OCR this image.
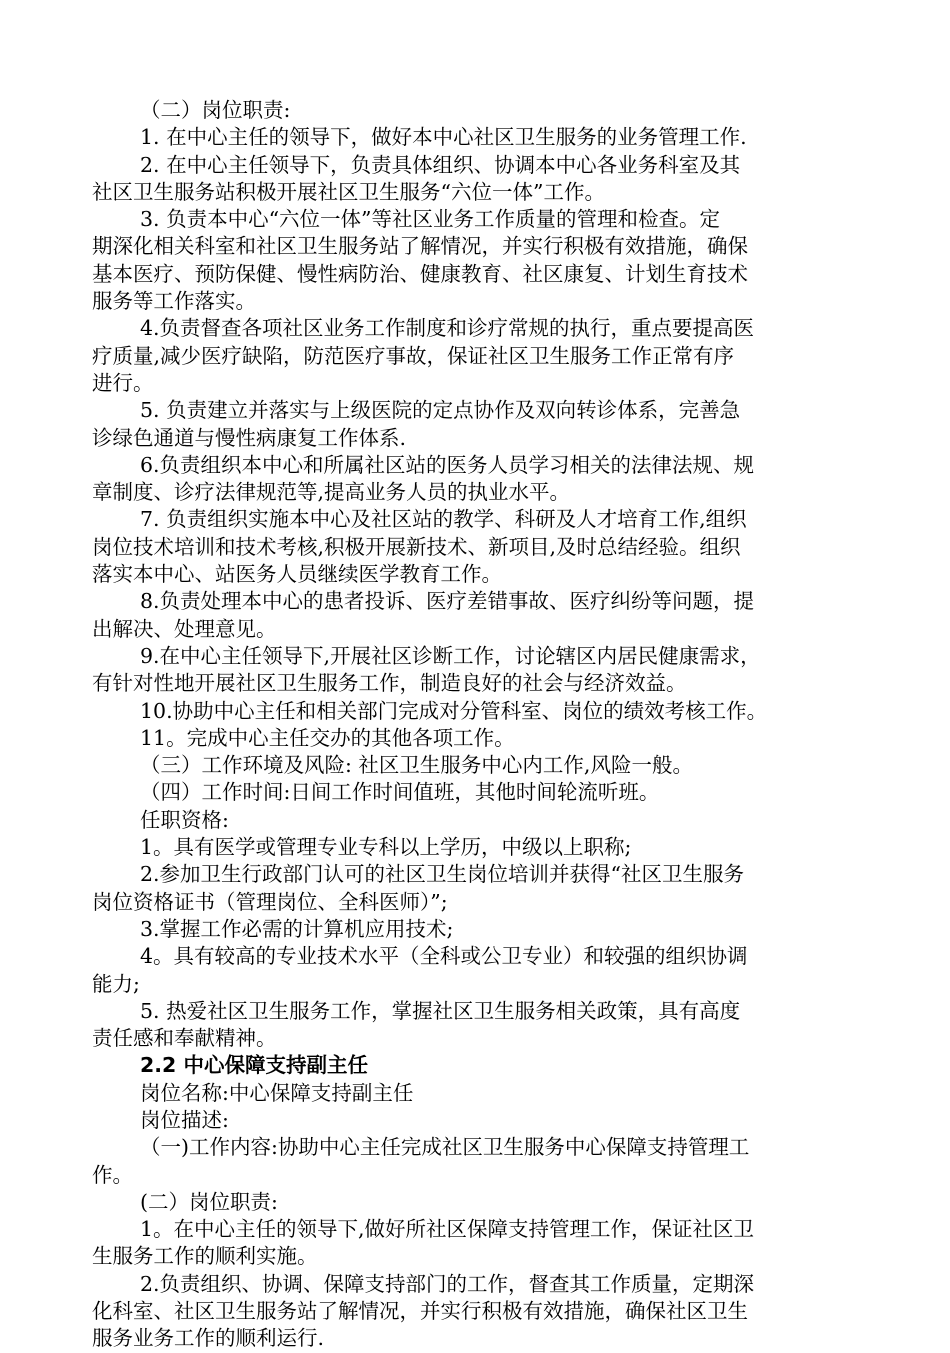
（二）岗位职责:
1. 在中心主任的领导下，做好本中心社区卫生服务的业务管理工作.
2. 在中心主任领导下，负责具体组织、协调本中心各业务科室及其
社区卫生服务站积极开展社区卫生服务“六位一体”工作。
3. 负责本中心“六位一体”等社区业务工作质量的管理和检查。定
期深化相关科室和社区卫生服务站了解情况，并实行积极有效措施，确保
基本医疗、预防保健、慢性病防治、健康教育、社区康复、计划生育技术
服务等工作落实。
4.负责督查各项社区业务工作制度和诊疗常规的执行，重点要提高医
疗质量,减少医疗缺陷，防范医疗事故，保证社区卫生服务工作正常有序
进行。
5. 负责建立并落实与上级医院的定点协作及双向转诊体系，完善急
诊绿色通道与慢性病康复工作体系.
6.负责组织本中心和所属社区站的医务人员学习相关的法律法规、规
章制度、诊疗法律规范等,提高业务人员的执业水平。
7. 负责组织实施本中心及社区站的教学、科研及人才培育工作,组织
岗位技术培训和技术考核,积极开展新技术、新项目,及时总结经验。组织
落实本中心、站医务人员继续医学教育工作。
8.负责处理本中心的患者投诉、医疗差错事故、医疗纠纷等问题，提
出解决、处理意见。
9.在中心主任领导下,开展社区诊断工作，讨论辖区内居民健康需求，
有针对性地开展社区卫生服务工作，制造良好的社会与经济效益。
10.协助中心主任和相关部门完成对分管科室、岗位的绩效考核工作。
11。完成中心主任交办的其他各项工作。
（三）工作环境及风险: 社区卫生服务中心内工作,风险一般。
（四）工作时间:日间工作时间值班，其他时间轮流听班。
任职资格:
1。具有医学或管理专业专科以上学历，中级以上职称;
2.参加卫生行政部门认可的社区卫生岗位培训并获得“社区卫生服务
岗位资格证书（管理岗位、全科医师）”;
3.掌握工作必需的计算机应用技术;
4。具有较高的专业技术水平（全科或公卫专业）和较强的组织协调
能力;
5. 热爱社区卫生服务工作，掌握社区卫生服务相关政策，具有高度
责任感和奉献精神。
2.2 中心保障支持副主任
岗位名称:中心保障支持副主任
岗位描述:
（一)工作内容:协助中心主任完成社区卫生服务中心保障支持管理工
作。
(二）岗位职责:
1。在中心主任的领导下,做好所社区保障支持管理工作，保证社区卫
生服务工作的顺利实施。
2.负责组织、协调、保障支持部门的工作，督查其工作质量，定期深
化科室、社区卫生服务站了解情况，并实行积极有效措施，确保社区卫生
服务业务工作的顺利运行.
